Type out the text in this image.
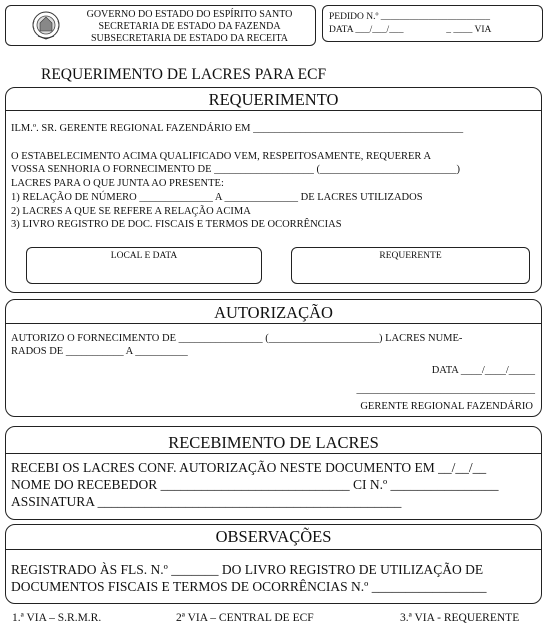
GOVERNO DO ESTADO DO ESPÍRITO SANTO
SECRETARIA DE ESTADO DA FAZENDA
SUBSECRETARIA DE ESTADO DA RECEITA
PEDIDO N.º _______________________
DATA ___/___/___                  _ ____ VIA
REQUERIMENTO DE LACRES PARA ECF
REQUERIMENTO
ILM.º. SR. GERENTE REGIONAL FAZENDÁRIO EM ________________________________________
O ESTABELECIMENTO ACIMA QUALIFICADO VEM, RESPEITOSAMENTE, REQUERER A
VOSSA SENHORIA O FORNECIMENTO DE ___________________ (__________________________)
LACRES PARA O QUE JUNTA AO PRESENTE:
1) RELAÇÃO DE NÚMERO ______________ A ______________ DE LACRES UTILIZADOS
2) LACRES A QUE SE REFERE A RELAÇÃO ACIMA
3) LIVRO REGISTRO DE DOC. FISCAIS E TERMOS DE OCORRÊNCIAS
LOCAL E DATA	REQUERENTE
AUTORIZAÇÃO
AUTORIZO O FORNECIMENTO DE ________________ (_____________________) LACRES NUME-
RADOS DE ___________ A __________
DATA ____/____/_____
__________________________________
GERENTE REGIONAL FAZENDÁRIO
RECEBIMENTO DE LACRES
RECEBI OS LACRES CONF. AUTORIZAÇÃO NESTE DOCUMENTO EM __/__/__
NOME DO RECEBEDOR ____________________________ CI N.º ________________
ASSINATURA _____________________________________________
OBSERVAÇÕES
REGISTRADO ÀS FLS. N.º _______ DO LIVRO REGISTRO DE UTILIZAÇÃO DE
DOCUMENTOS FISCAIS E TERMOS DE OCORRÊNCIAS N.º _________________
1.ª VIA – S.R.M.R.	2ª VIA – CENTRAL DE ECF	3.ª VIA - REQUERENTE
